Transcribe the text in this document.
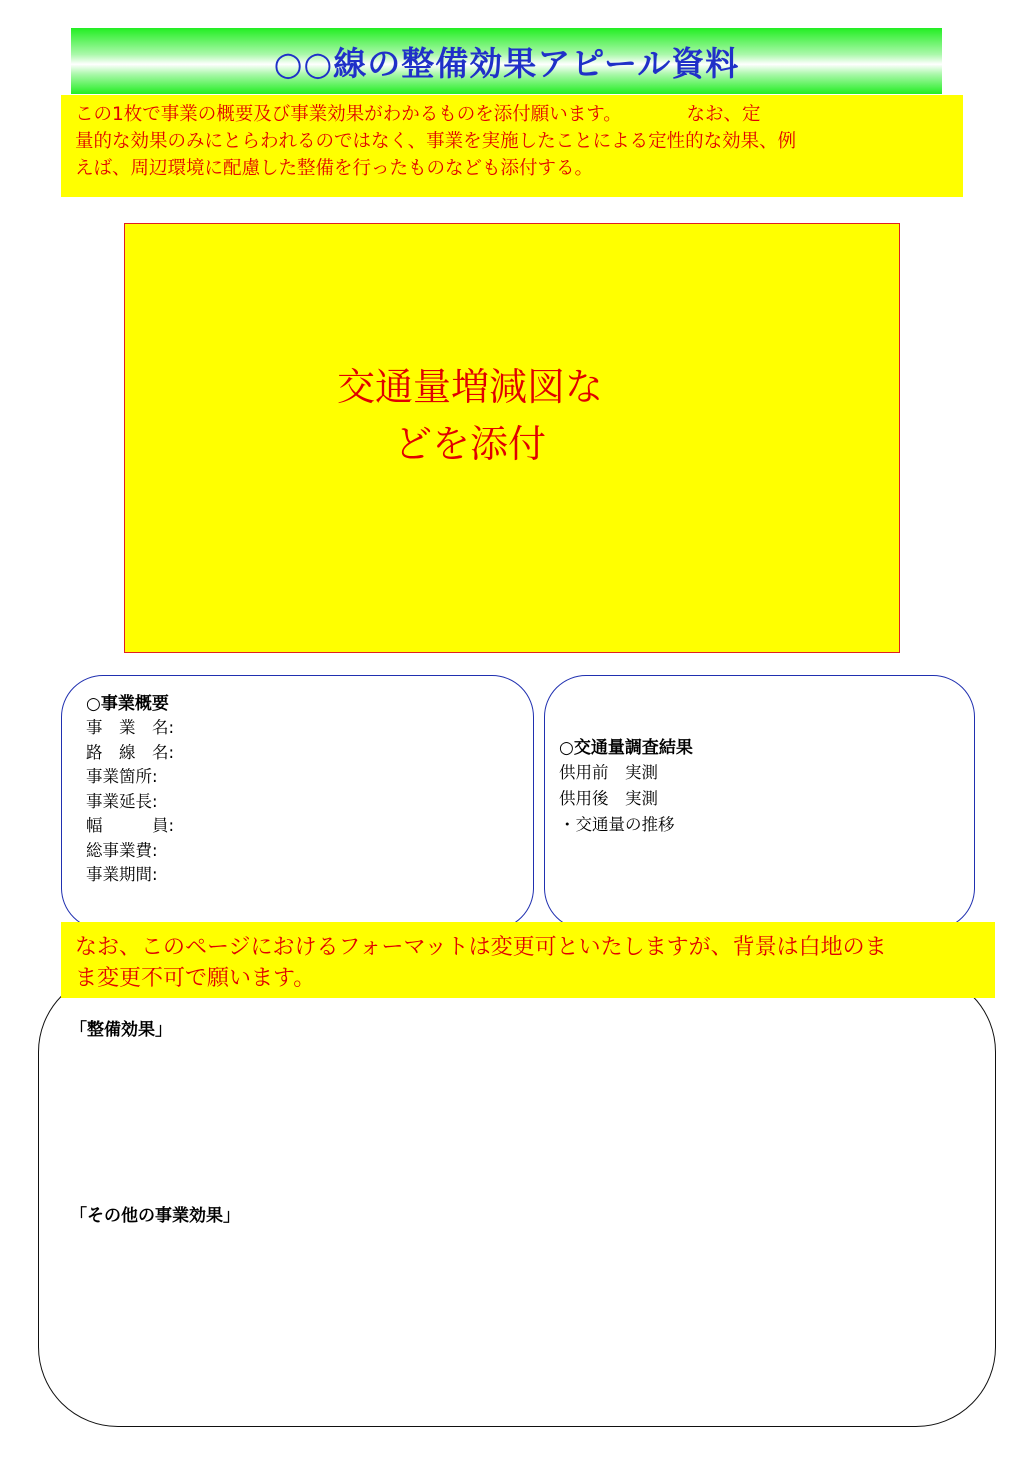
○○線の整備効果アピール資料

この1枚で事業の概要及び事業効果がわかるものを添付願います。　　　　なお、定

量的な効果のみにとらわれるのではなく、事業を実施したことによる定性的な効果、例

えば、周辺環境に配慮した整備を行ったものなども添付する。

交通量増減図な
どを添付
○事業概要
事　業　名:
路　線　名:
事業箇所:
事業延長:
幅　　　員:
総事業費:
事業期間:
○交通量調査結果
供用前　実測
供用後　実測
・交通量の推移

なお、このページにおけるフォーマットは変更可といたしますが、背景は白地のま

ま変更不可で願います。

「整備効果」
「その他の事業効果」
